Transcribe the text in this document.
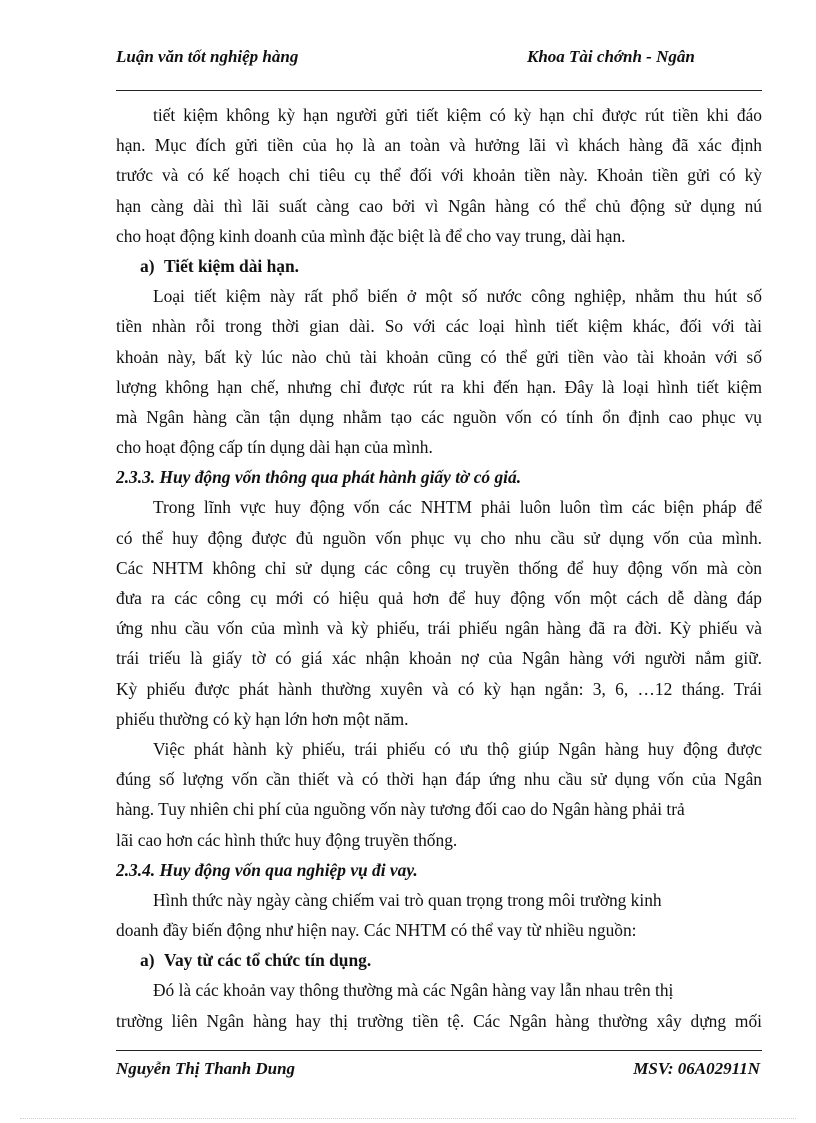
Luận văn tốt nghiệp hàng	Khoa Tài chớnh - Ngân
tiết kiệm không kỳ hạn người gửi tiết kiệm có kỳ hạn chỉ được rút tiền khi đáo
hạn. Mục đích gửi tiền của họ là an toàn và hưởng lãi vì khách hàng đã xác định
trước và có kế hoạch chi tiêu cụ thể đối với khoản tiền này. Khoản tiền gửi có kỳ
hạn càng dài thì lãi suất càng cao bởi vì Ngân hàng có thể chủ động sử dụng nú
cho hoạt động kinh doanh của mình đặc biệt là để cho vay trung, dài hạn.
a) Tiết kiệm dài hạn.
Loại tiết kiệm này rất phổ biến ở một số nước công nghiệp, nhằm thu hút số
tiền nhàn rỗi trong thời gian dài. So với các loại hình tiết kiệm khác, đối với tài
khoản này, bất kỳ lúc nào chủ tài khoản cũng có thể gửi tiền vào tài khoản với số
lượng không hạn chế, nhưng chỉ được rút ra khi đến hạn. Đây là loại hình tiết kiệm
mà Ngân hàng cần tận dụng nhằm tạo các nguồn vốn có tính ổn định cao phục vụ
cho hoạt động cấp tín dụng dài hạn của mình.
2.3.3. Huy động vốn thông qua phát hành giấy tờ có giá.
Trong lĩnh vực huy động vốn các NHTM phải luôn luôn tìm các biện pháp để
có thể huy động được đủ nguồn vốn phục vụ cho nhu cầu sử dụng vốn của mình.
Các NHTM không chỉ sử dụng các công cụ truyền thống để huy động vốn mà còn
đưa ra các công cụ mới có hiệu quả hơn để huy động vốn một cách dễ dàng đáp
ứng nhu cầu vốn của mình và kỳ phiếu, trái phiếu ngân hàng đã ra đời. Kỳ phiếu và
trái triếu là giấy tờ có giá xác nhận khoản nợ của Ngân hàng với người nắm giữ.
Kỳ phiếu được phát hành thường xuyên và có kỳ hạn ngắn: 3, 6, …12 tháng. Trái
phiếu thường có kỳ hạn lớn hơn một năm.
Việc phát hành kỳ phiếu, trái phiếu có ưu thộ giúp Ngân hàng huy động được
đúng số lượng vốn cần thiết và có thời hạn đáp ứng nhu cầu sử dụng vốn của Ngân
hàng. Tuy nhiên chi phí của nguồng vốn này tương đối cao do Ngân hàng phải trả
lãi cao hơn các hình thức huy động truyền thống.
2.3.4. Huy động vốn qua nghiệp vụ đi vay.
Hình thức này ngày càng chiếm vai trò quan trọng trong môi trường kinh
doanh đầy biến động như hiện nay. Các NHTM có thể vay từ nhiều nguồn:
a) Vay từ các tổ chức tín dụng.
Đó là các khoản vay thông thường mà các Ngân hàng vay lẫn nhau trên thị
trường liên Ngân hàng hay thị trường tiền tệ. Các Ngân hàng thường xây dựng mối
Nguyễn Thị Thanh Dung	MSV: 06A02911N
